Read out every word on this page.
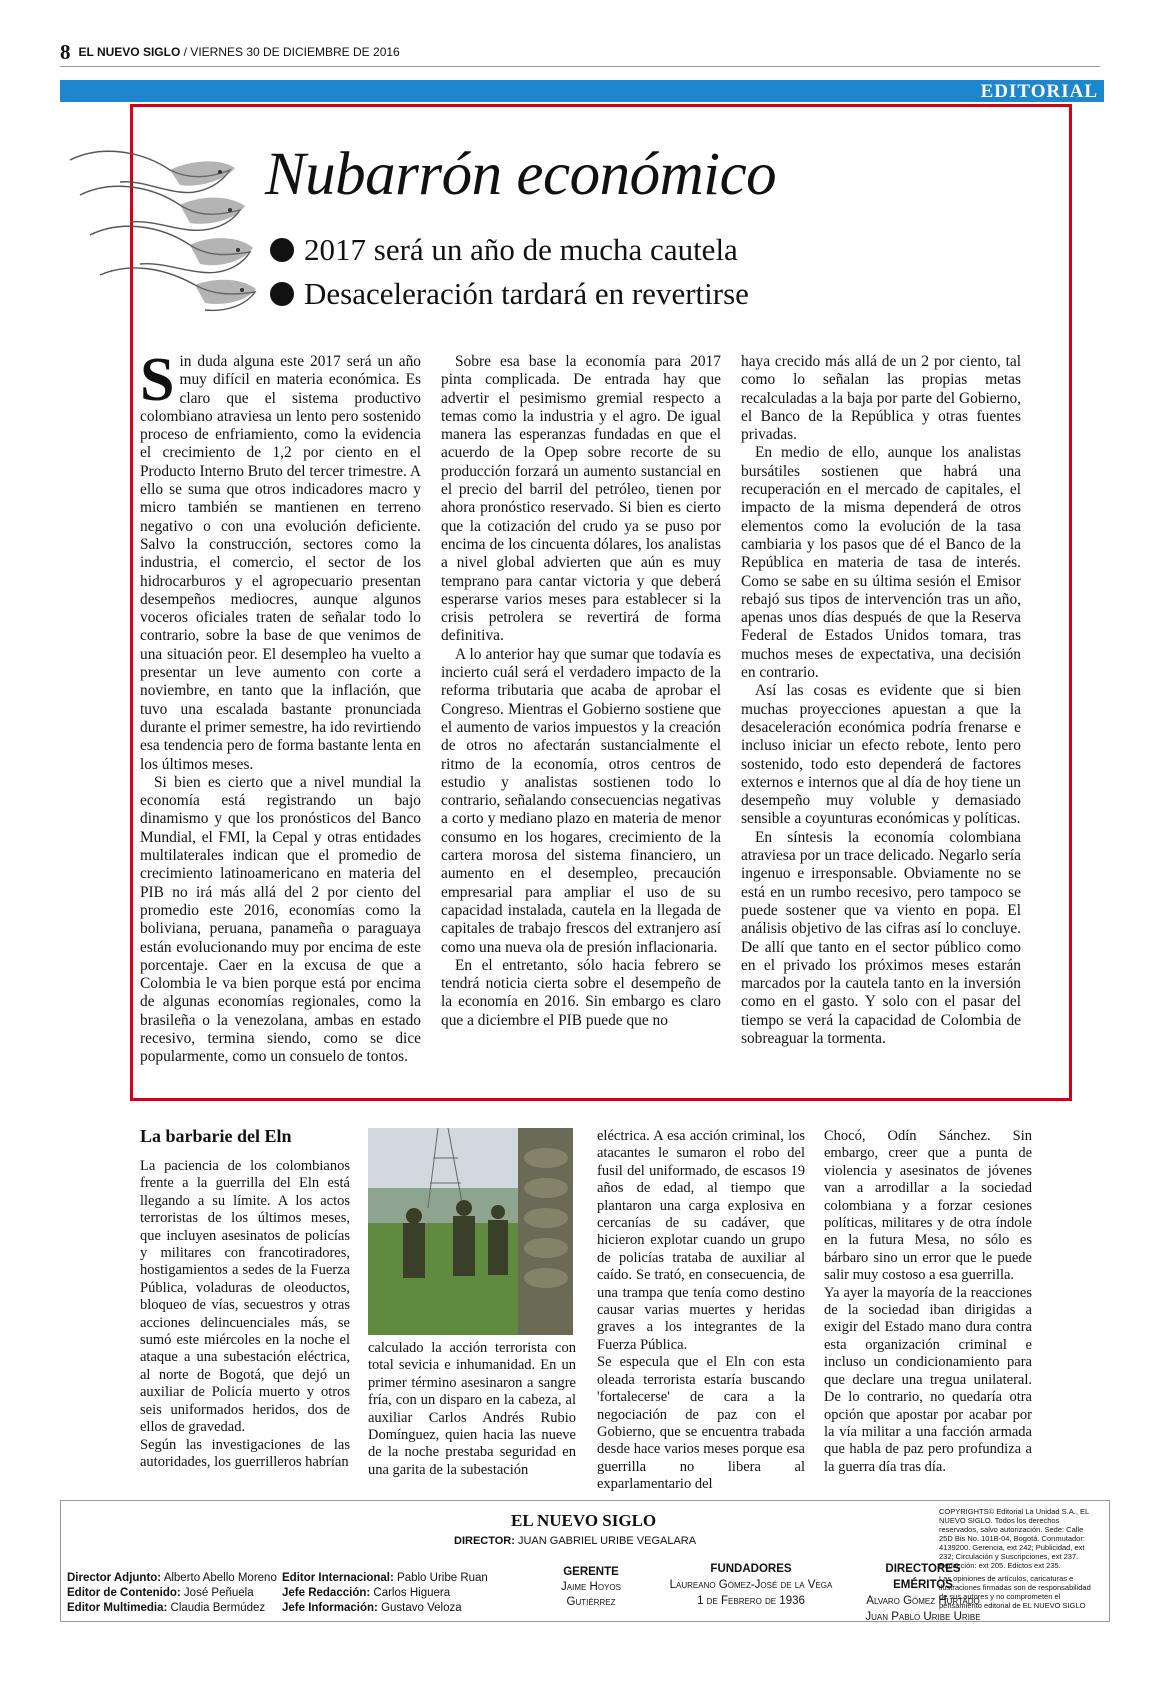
8 EL NUEVO SIGLO / VIERNES 30 DE DICIEMBRE DE 2016
EDITORIAL
Nubarrón económico
2017 será un año de mucha cautela
Desaceleración tardará en revertirse

Sin duda alguna este 2017 será un año muy difícil en materia económica. Es claro que el sistema productivo colombiano atraviesa un lento pero sostenido proceso de enfriamiento, como la evidencia el crecimiento de 1,2 por ciento en el Producto Interno Bruto del tercer trimestre. A ello se suma que otros indicadores macro y micro también se mantienen en terreno negativo o con una evolución deficiente. Salvo la construcción, sectores como la industria, el comercio, el sector de los hidrocarburos y el agropecuario presentan desempeños mediocres, aunque algunos voceros oficiales traten de señalar todo lo contrario, sobre la base de que venimos de una situación peor. El desempleo ha vuelto a presentar un leve aumento con corte a noviembre, en tanto que la inflación, que tuvo una escalada bastante pronunciada durante el primer semestre, ha ido revirtiendo esa tendencia pero de forma bastante lenta en los últimos meses.

Si bien es cierto que a nivel mundial la economía está registrando un bajo dinamismo y que los pronósticos del Banco Mundial, el FMI, la Cepal y otras entidades multilaterales indican que el promedio de crecimiento latinoamericano en materia del PIB no irá más allá del 2 por ciento del promedio este 2016, economías como la boliviana, peruana, panameña o paraguaya están evolucionando muy por encima de este porcentaje. Caer en la excusa de que a Colombia le va bien porque está por encima de algunas economías regionales, como la brasileña o la venezolana, ambas en estado recesivo, termina siendo, como se dice popularmente, como un consuelo de tontos.

Sobre esa base la economía para 2017 pinta complicada. De entrada hay que advertir el pesimismo gremial respecto a temas como la industria y el agro. De igual manera las esperanzas fundadas en que el acuerdo de la Opep sobre recorte de su producción forzará un aumento sustancial en el precio del barril del petróleo, tienen por ahora pronóstico reservado. Si bien es cierto que la cotización del crudo ya se puso por encima de los cincuenta dólares, los analistas a nivel global advierten que aún es muy temprano para cantar victoria y que deberá esperarse varios meses para establecer si la crisis petrolera se revertirá de forma definitiva.

A lo anterior hay que sumar que todavía es incierto cuál será el verdadero impacto de la reforma tributaria que acaba de aprobar el Congreso. Mientras el Gobierno sostiene que el aumento de varios impuestos y la creación de otros no afectarán sustancialmente el ritmo de la economía, otros centros de estudio y analistas sostienen todo lo contrario, señalando consecuencias negativas a corto y mediano plazo en materia de menor consumo en los hogares, crecimiento de la cartera morosa del sistema financiero, un aumento en el desempleo, precaución empresarial para ampliar el uso de su capacidad instalada, cautela en la llegada de capitales de trabajo frescos del extranjero así como una nueva ola de presión inflacionaria.

En el entretanto, sólo hacia febrero se tendrá noticia cierta sobre el desempeño de la economía en 2016. Sin embargo es claro que a diciembre el PIB puede que no

haya crecido más allá de un 2 por ciento, tal como lo señalan las propias metas recalculadas a la baja por parte del Gobierno, el Banco de la República y otras fuentes privadas.

En medio de ello, aunque los analistas bursátiles sostienen que habrá una recuperación en el mercado de capitales, el impacto de la misma dependerá de otros elementos como la evolución de la tasa cambiaria y los pasos que dé el Banco de la República en materia de tasa de interés. Como se sabe en su última sesión el Emisor rebajó sus tipos de intervención tras un año, apenas unos días después de que la Reserva Federal de Estados Unidos tomara, tras muchos meses de expectativa, una decisión en contrario.

Así las cosas es evidente que si bien muchas proyecciones apuestan a que la desaceleración económica podría frenarse e incluso iniciar un efecto rebote, lento pero sostenido, todo esto dependerá de factores externos e internos que al día de hoy tiene un desempeño muy voluble y demasiado sensible a coyunturas económicas y políticas.

En síntesis la economía colombiana atraviesa por un trace delicado. Negarlo sería ingenuo e irresponsable. Obviamente no se está en un rumbo recesivo, pero tampoco se puede sostener que va viento en popa. El análisis objetivo de las cifras así lo concluye. De allí que tanto en el sector público como en el privado los próximos meses estarán marcados por la cautela tanto en la inversión como en el gasto. Y solo con el pasar del tiempo se verá la capacidad de Colombia de sobreaguar la tormenta.

La barbarie del Eln

La paciencia de los colombianos frente a la guerrilla del Eln está llegando a su límite. A los actos terroristas de los últimos meses, que incluyen asesinatos de policías y militares con francotiradores, hostigamientos a sedes de la Fuerza Pública, voladuras de oleoductos, bloqueo de vías, secuestros y otras acciones delincuenciales más, se sumó este miércoles en la noche el ataque a una subestación eléctrica, al norte de Bogotá, que dejó un auxiliar de Policía muerto y otros seis uniformados heridos, dos de ellos de gravedad.

Según las investigaciones de las autoridades, los guerrilleros habrían

calculado la acción terrorista con total sevicia e inhumanidad. En un primer término asesinaron a sangre fría, con un disparo en la cabeza, al auxiliar Carlos Andrés Rubio Domínguez, quien hacia las nueve de la noche prestaba seguridad en una garita de la subestación

eléctrica. A esa acción criminal, los atacantes le sumaron el robo del fusil del uniformado, de escasos 19 años de edad, al tiempo que plantaron una carga explosiva en cercanías de su cadáver, que hicieron explotar cuando un grupo de policías trataba de auxiliar al caído. Se trató, en consecuencia, de una trampa que tenía como destino causar varias muertes y heridas graves a los integrantes de la Fuerza Pública.

Se especula que el Eln con esta oleada terrorista estaría buscando 'fortalecerse' de cara a la negociación de paz con el Gobierno, que se encuentra trabada desde hace varios meses porque esa guerrilla no libera al exparlamentario del

Chocó, Odín Sánchez. Sin embargo, creer que a punta de violencia y asesinatos de jóvenes van a arrodillar a la sociedad colombiana y a forzar cesiones políticas, militares y de otra índole en la futura Mesa, no sólo es bárbaro sino un error que le puede salir muy costoso a esa guerrilla.

Ya ayer la mayoría de la reacciones de la sociedad iban dirigidas a exigir del Estado mano dura contra esta organización criminal e incluso un condicionamiento para que declare una tregua unilateral. De lo contrario, no quedaría otra opción que apostar por acabar por la vía militar a una facción armada que habla de paz pero profundiza a la guerra día tras día.

EL NUEVO SIGLO
DIRECTOR: JUAN GABRIEL URIBE VEGALARA
Director Adjunto: Alberto Abello Moreno
Editor de Contenido: José Peñuela
Editor Multimedia: Claudia Bermúdez
Editor Internacional: Pablo Uribe Ruan
Jefe Redacción: Carlos Higuera
Jefe Información: Gustavo Veloza
GERENTE
Jaime Hoyos
Gutiérrez
FUNDADORES
Laureano Gómez-José de la Vega
1 de Febrero de 1936
DIRECTORES EMÉRITOS
Alvaro Gómez Hurtado
Juan Pablo Uribe Uribe
COPYRIGHTS© Editorial La Unidad S.A., EL NUEVO SIGLO. Todos los derechos reservados, salvo autorización. Sede: Calle 25D Bis No. 101B-04, Bogotá. Conmutador: 4139200. Gerencia, ext 242; Publicidad, ext 232; Circulación y Suscripciones, ext 237. Redacción: ext 205. Edictos ext 235.
Las opiniones de artículos, caricaturas e ilustraciones firmadas son de responsabilidad de sus autores y no comprometen el pensamiento editorial de EL NUEVO SIGLO
